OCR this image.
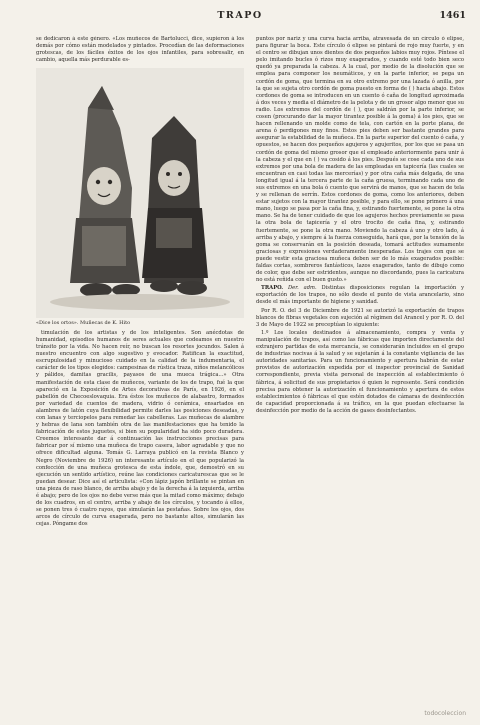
TRAPO	1461

se dedicaron á este género. «Los muñecos de Bartolucci, dice, supieron á los demás por cómo están modelados y pintados. Procedían de las deformaciones grotescas, de los fáciles éxitos de los ojos infantiles, para sobresalir, en cambio, aquella más perdurable es-

«Dice los ortos». Muñecas de K. Hito

timulación de los artistas y de los inteligentes. Son anécdotas de humanidad, episodios humanos de seres actuales que codeamos en nuestro tránsito por la vida. No hacen reír, no buscan los resortes jocundos. Salen á nuestro encuentro con algo sugestivo y evocador. Ratifican la exactitud, escrupulosidad y minucioso cuidado en la calidad de la indumentaria, el carácter de los tipos elegidos: campesinas de rústica traza, niños melancólicos y pálidos, damitas gracilis, payasos de una mueca trágica...» Otra manifestación de esta clase de muñecos, variante de los de trapo, fué la que apareció en la Exposición de Artes decorativas de París, en 1926, en el pabellón de Checoeslovaquia. Era éstos los muñecos de alabastro, formados por variedad de cuentos de madera, vidrio ó cerámica, ensartados en alambres de latón cuya flexibilidad permite darles las posiciones deseadas, y con lanas y terciopelos para remedar las cabelleras. Las muñecas de alambre y hebras de lana son también otra de las manifestaciones que ha tenido la fabricación de estos juguetes, si bien su popularidad ha sido poco duradera. Creemos interesante dar á continuación las instrucciones precisas para fabricar por sí mismo una muñeca de trapo casera, labor agradable y que no ofrece dificultad alguna. Tomás G. Larraya publicó en la revista Blanco y Negro (Noviembre de 1926) un interesante artículo en el que popularizó la confección de una muñeca grotesca de esta índole, que, demostró en su ejecución un sentido artístico, reúne las condiciones caricaturescas que se le puedan desear. Dice así el articulista: «Con lápiz japón brillante se pintan en una pieza de raso blanco, de arriba abajo y de la derecha á la izquierda, arriba é abajo; pero de los ojos no debe verse más que la mitad como máximo; debajo de los cuadros, en el centro, arriba y abajo de los círculos, y tocando á ellos, se ponen tres ó cuatro rayos, que simularán las pestañas. Sobre los ojos, dos arcos de círculo de curva exagerada, pero no bastante altos, simularán las cejas. Póngame dos

puntos por nariz y una curva hacia arriba, atravesada de un círculo ó elipse, para figurar la boca. Este círculo ó elipse se pintará de rojo muy fuerte, y en el centro se dibujan unos dientes de dos pequeños labios muy rojos. Píntese el pelo imitando bucles ó rizos muy exagerados, y cuando esté todo bien seco quedó ya preparada la cabeza. A la cual, por medio de la disolución que se emplea para componer los neumáticos, y en la parte inferior, se pega un cordón de goma, que termina en su otro extremo por una lazada ó anilla, por la que se sujeta otro cordón de goma puesto en forma de ( ) hacia abajo. Estos cordones de goma se introducen en un cuento ó caña de longitud aproximada á dos veces y media el diámetro de la pelota y de un grosor algo menor que su radio. Los extremos del cordón de ( ), que saldrán por la parte inferior, se cosen (procurando dar la mayor tirantez posible á la goma) á los pies, que se hacen rellenando un molde como de tela, con cartón en la porte plana, de arena ó perdigones muy finos. Estos pies deben ser bastante grandes para asegurar la estabilidad de la muñeca. En la parte superior del cuento ó caña, y opuestos, se hacen dos pequeños agujeros y agujeritos, por los que se pasa un cordón de goma del mismo grosor que el empleado anteriormente para unir á la cabeza y el que en ( ) va cosido á los pies. Después se cose cada uno de sus extremos por una bola de madera de las empleadas en tapicería (las cuales se encuentran en casi todas las mercerías) y por otra caña más delgada, de una longitud igual á la tercera parte de la caña gruesa, terminando cada uno de sus extremos en una bola ó cuento que servirá de manos, que se hacen de tela y se rellenan de serrín. Estos cordones de goma, como los anteriores, deben estar sujetos con la mayor tirantez posible, y para ello, se pone primero á una mano, luego se pasa por la caña fina, y, estirando fuertemente, se pone la otra mano. Se ha de tener cuidado de que los agujeros hechos previamente se pasa la otra bola de tapicería y el otro trocito de caña fina, y, estirando fuertemente, se pone la otra mano. Moviendo la cabeza á uno y otro lado, á arriba y abajo, y siempre á la fuerza conseguida, hará que, por la tensión de la goma se conservarán en la posición deseada, tomará actitudes sumamente graciosas y expresiones verdaderamente inesperadas. Los trajes con que se puede vestir esta graciosa muñeca deben ser de lo más exagerados posible: faldas cortas, sombreros fantásticos, lazos exagerados, tanto de dibujo como de color, que debe ser estridentes, aunque no discordando, pues la caricatura no está reñida con el buen gusto.»

TRAPO. Der. adm. Distintas disposiciones regulan la importación y exportación de los trapos, no sólo desde el punto de vista arancelario, sino desde el más importante de higiene y sanidad.

Por R. O. del 3 de Diciembre de 1921 se autorizó la exportación de trapos blancos de fibras vegetales con sujeción al régimen del Arancel y por R. O. del 3 de Mayo de 1922 se preceptúan lo siguiente:

1.º Los locales destinados á almacenamiento, compra y venta y manipulación de trapos, así como las fábricas que importen directamente del extranjero partidas de esta mercancía, se considerarán incluidos en el grupo de industrias nocivas á la salud y se sujetarán á la constante vigilancia de las autoridades sanitarias. Para un funcionamiento y apertura habrán de estar provistos de autorización expedida por el inspector provincial de Sanidad correspondiente, previa visita personal de inspección al establecimiento ó fábrica, á solicitud de sus propietarios ó quien le represente. Será condición precisa para obtener la autorización el funcionamiento y apertura de estos establecimientos ó fábricas el que estén dotados de cámaras de desinfección de capacidad proporcionada á su tráfico, en la que puedan efectuarse la desinfección por medio de la acción de gases desinfectantes.
todocoleccion
